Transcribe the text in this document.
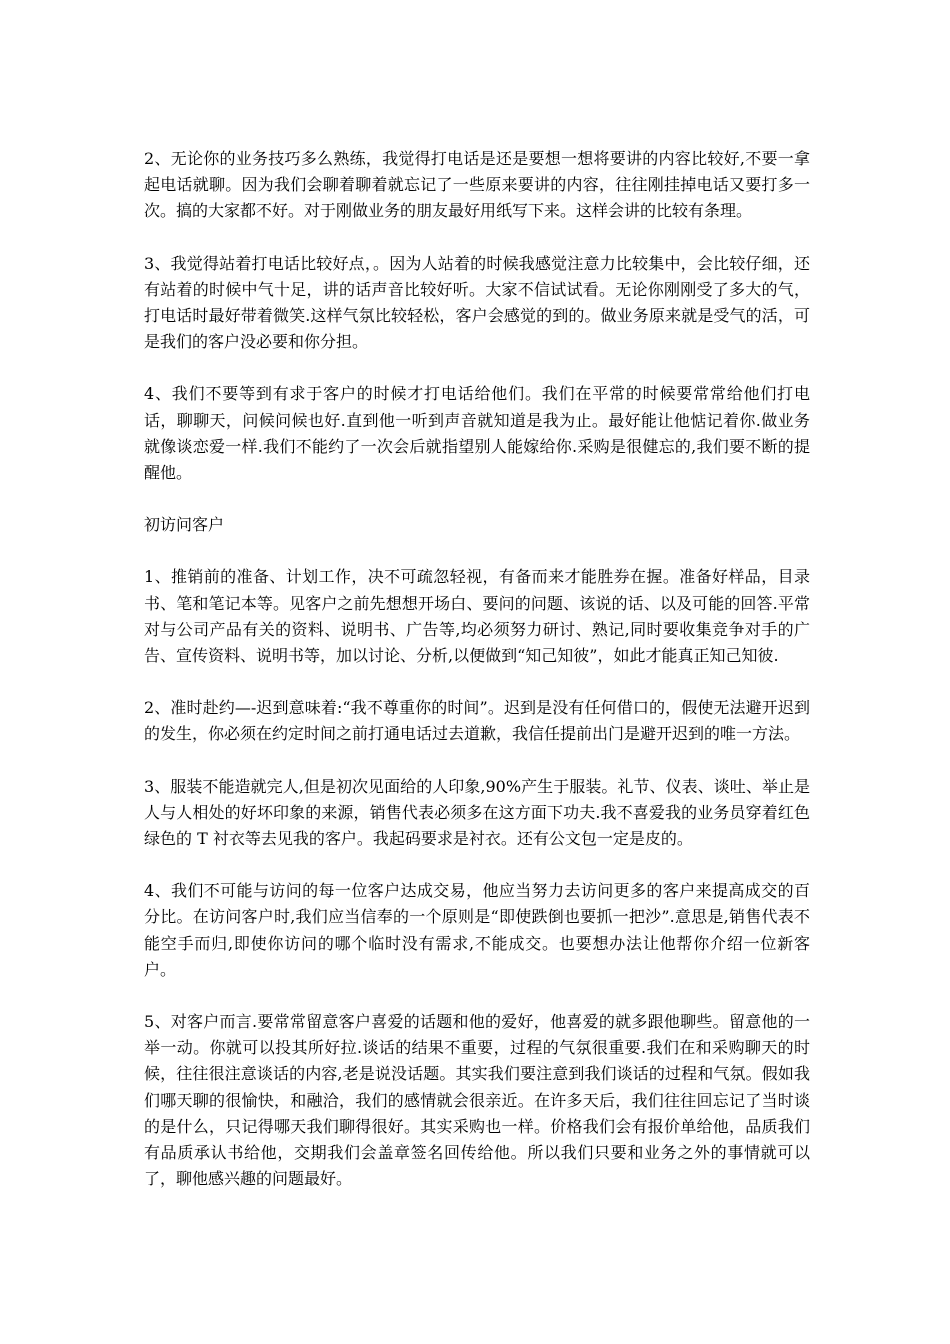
2、无论你的业务技巧多么熟练，我觉得打电话是还是要想一想将要讲的内容比较好,不要一拿起电话就聊。因为我们会聊着聊着就忘记了一些原来要讲的内容，往往刚挂掉电话又要打多一次。搞的大家都不好。对于刚做业务的朋友最好用纸写下来。这样会讲的比较有条理。

3、我觉得站着打电话比较好点，。因为人站着的时候我感觉注意力比较集中，会比较仔细，还有站着的时候中气十足，讲的话声音比较好听。大家不信试试看。无论你刚刚受了多大的气，打电话时最好带着微笑.这样气氛比较轻松，客户会感觉的到的。做业务原来就是受气的活，可是我们的客户没必要和你分担。

4、我们不要等到有求于客户的时候才打电话给他们。我们在平常的时候要常常给他们打电话，聊聊天，问候问候也好.直到他一听到声音就知道是我为止。最好能让他惦记着你.做业务就像谈恋爱一样.我们不能约了一次会后就指望别人能嫁给你.采购是很健忘的,我们要不断的提醒他。

初访问客户

1、推销前的准备、计划工作，决不可疏忽轻视，有备而来才能胜券在握。准备好样品，目录书、笔和笔记本等。见客户之前先想想开场白、要问的问题、该说的话、以及可能的回答.平常对与公司产品有关的资料、说明书、广告等,均必须努力研讨、熟记,同时要收集竞争对手的广告、宣传资料、说明书等，加以讨论、分析,以便做到“知己知彼”，如此才能真正知己知彼.

2、准时赴约—-迟到意味着:“我不尊重你的时间”。迟到是没有任何借口的，假使无法避开迟到的发生，你必须在约定时间之前打通电话过去道歉，我信任提前出门是避开迟到的唯一方法。

3、服装不能造就完人,但是初次见面给的人印象,90%产生于服装。礼节、仪表、谈吐、举止是人与人相处的好坏印象的来源，销售代表必须多在这方面下功夫.我不喜爱我的业务员穿着红色绿色的 T 衬衣等去见我的客户。我起码要求是衬衣。还有公文包一定是皮的。

4、我们不可能与访问的每一位客户达成交易，他应当努力去访问更多的客户来提高成交的百分比。在访问客户时,我们应当信奉的一个原则是“即使跌倒也要抓一把沙”.意思是,销售代表不能空手而归,即使你访问的哪个临时没有需求,不能成交。也要想办法让他帮你介绍一位新客户。

5、对客户而言.要常常留意客户喜爱的话题和他的爱好，他喜爱的就多跟他聊些。留意他的一举一动。你就可以投其所好拉.谈话的结果不重要，过程的气氛很重要.我们在和采购聊天的时候，往往很注意谈话的内容,老是说没话题。其实我们要注意到我们谈话的过程和气氛。假如我们哪天聊的很愉快，和融洽，我们的感情就会很亲近。在许多天后，我们往往回忘记了当时谈的是什么，只记得哪天我们聊得很好。其实采购也一样。价格我们会有报价单给他，品质我们有品质承认书给他，交期我们会盖章签名回传给他。所以我们只要和业务之外的事情就可以了，聊他感兴趣的问题最好。
